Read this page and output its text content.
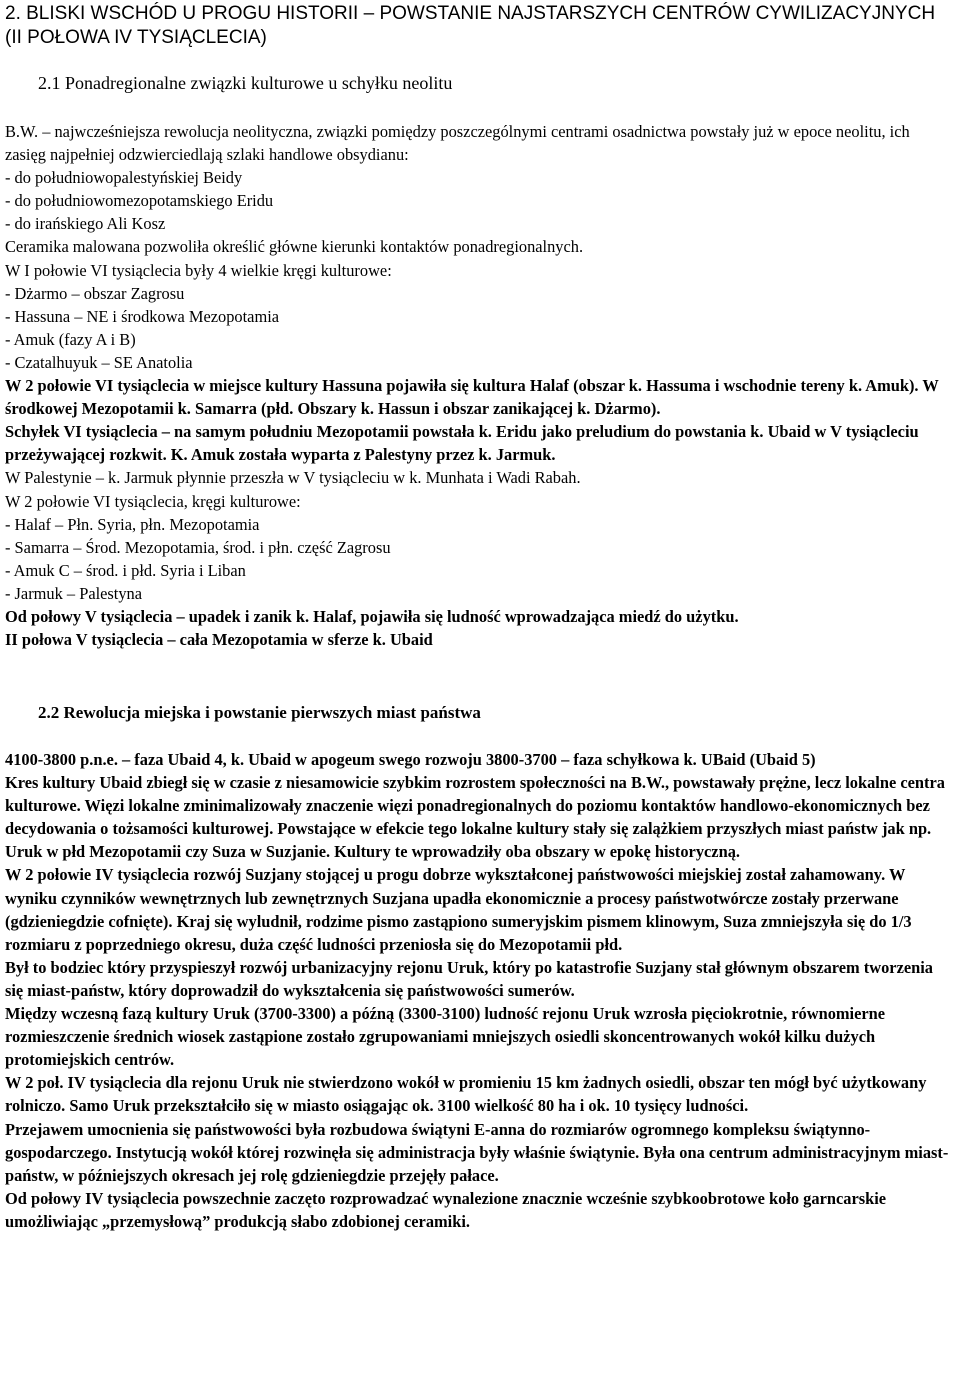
2. BLISKI WSCHÓD U PROGU HISTORII – POWSTANIE NAJSTARSZYCH CENTRÓW CYWILIZACYJNYCH (II POŁOWA IV TYSIĄCLECIA)
2.1 Ponadregionalne związki kulturowe u schyłku neolitu

B.W. – najwcześniejsza rewolucja neolityczna, związki pomiędzy poszczególnymi centrami osadnictwa powstały już w epoce neolitu, ich zasięg najpełniej odzwierciedlają szlaki handlowe obsydianu:

- do południowopalestyńskiej Beidy

- do południowomezopotamskiego Eridu

- do irańskiego Ali Kosz

Ceramika malowana pozwoliła określić główne kierunki kontaktów ponadregionalnych.

W I połowie VI tysiąclecia były 4 wielkie kręgi kulturowe:

- Dżarmo – obszar Zagrosu

- Hassuna – NE i środkowa Mezopotamia

- Amuk (fazy A i B)

- Czatalhuyuk – SE Anatolia

W 2 połowie VI tysiąclecia w miejsce kultury Hassuna pojawiła się kultura Halaf (obszar k. Hassuma i wschodnie tereny k. Amuk). W środkowej Mezopotamii k. Samarra (płd. Obszary k. Hassun i obszar zanikającej k. Dżarmo).

Schyłek VI tysiąclecia – na samym południu Mezopotamii powstała k. Eridu jako preludium do powstania k. Ubaid w V tysiącleciu przeżywającej rozkwit. K. Amuk została wyparta z Palestyny przez k. Jarmuk.

W Palestynie – k. Jarmuk płynnie przeszła w V tysiącleciu w k. Munhata i Wadi Rabah.

W 2 połowie VI tysiąclecia, kręgi kulturowe:

- Halaf – Płn. Syria, płn. Mezopotamia

- Samarra – Środ. Mezopotamia, środ. i płn. część Zagrosu

- Amuk C – środ. i płd. Syria i Liban

- Jarmuk – Palestyna

Od połowy V tysiąclecia – upadek i zanik k. Halaf, pojawiła się ludność wprowadzająca miedź do użytku.

II połowa V tysiąclecia – cała Mezopotamia w sferze k. Ubaid

2.2 Rewolucja miejska i powstanie pierwszych miast państwa

4100-3800 p.n.e. – faza Ubaid 4, k. Ubaid w apogeum swego rozwoju 3800-3700 – faza schyłkowa k. UBaid (Ubaid 5)

Kres kultury Ubaid zbiegł się w czasie z niesamowicie szybkim rozrostem społeczności na B.W., powstawały prężne, lecz lokalne centra kulturowe. Więzi lokalne zminimalizowały znaczenie więzi ponadregionalnych do poziomu kontaktów handlowo-ekonomicznych bez decydowania o tożsamości kulturowej. Powstające w efekcie tego lokalne kultury stały się zalążkiem przyszłych miast państw jak np. Uruk w płd Mezopotamii czy Suza w Suzjanie. Kultury te wprowadziły oba obszary w epokę historyczną.

W 2 połowie IV tysiąclecia rozwój Suzjany stojącej u progu dobrze wykształconej państwowości miejskiej został zahamowany. W wyniku czynników wewnętrznych lub zewnętrznych Suzjana upadła ekonomicznie a procesy państwotwórcze zostały przerwane (gdzieniegdzie cofnięte). Kraj się wyludnił, rodzime pismo zastąpiono sumeryjskim pismem klinowym, Suza zmniejszyła się do 1/3 rozmiaru z poprzedniego okresu, duża część ludności przeniosła się do Mezopotamii płd.

Był to bodziec który przyspieszył rozwój urbanizacyjny rejonu Uruk, który po katastrofie Suzjany stał głównym obszarem tworzenia się miast-państw, który doprowadził do wykształcenia się państwowości sumerów.

Między wczesną fazą kultury Uruk (3700-3300) a późną (3300-3100) ludność rejonu Uruk wzrosła pięciokrotnie, równomierne rozmieszczenie średnich wiosek zastąpione zostało zgrupowaniami mniejszych osiedli skoncentrowanych wokół kilku dużych protomiejskich centrów.

W 2 poł. IV tysiąclecia dla rejonu Uruk nie stwierdzono wokół w promieniu 15 km żadnych osiedli, obszar ten mógł być użytkowany rolniczo. Samo Uruk przekształciło się w miasto osiągając ok. 3100 wielkość 80 ha i ok. 10 tysięcy ludności.

Przejawem umocnienia się państwowości była rozbudowa świątyni E-anna do rozmiarów ogromnego kompleksu świątynno-gospodarczego. Instytucją wokół której rozwinęła się administracja były właśnie świątynie. Była ona centrum administracyjnym miast-państw, w późniejszych okresach jej rolę gdzieniegdzie przejęły pałace.

Od połowy IV tysiąclecia powszechnie zaczęto rozprowadzać wynalezione znacznie wcześnie szybkoobrotowe koło garncarskie umożliwiając „przemysłową” produkcją słabo zdobionej ceramiki.
